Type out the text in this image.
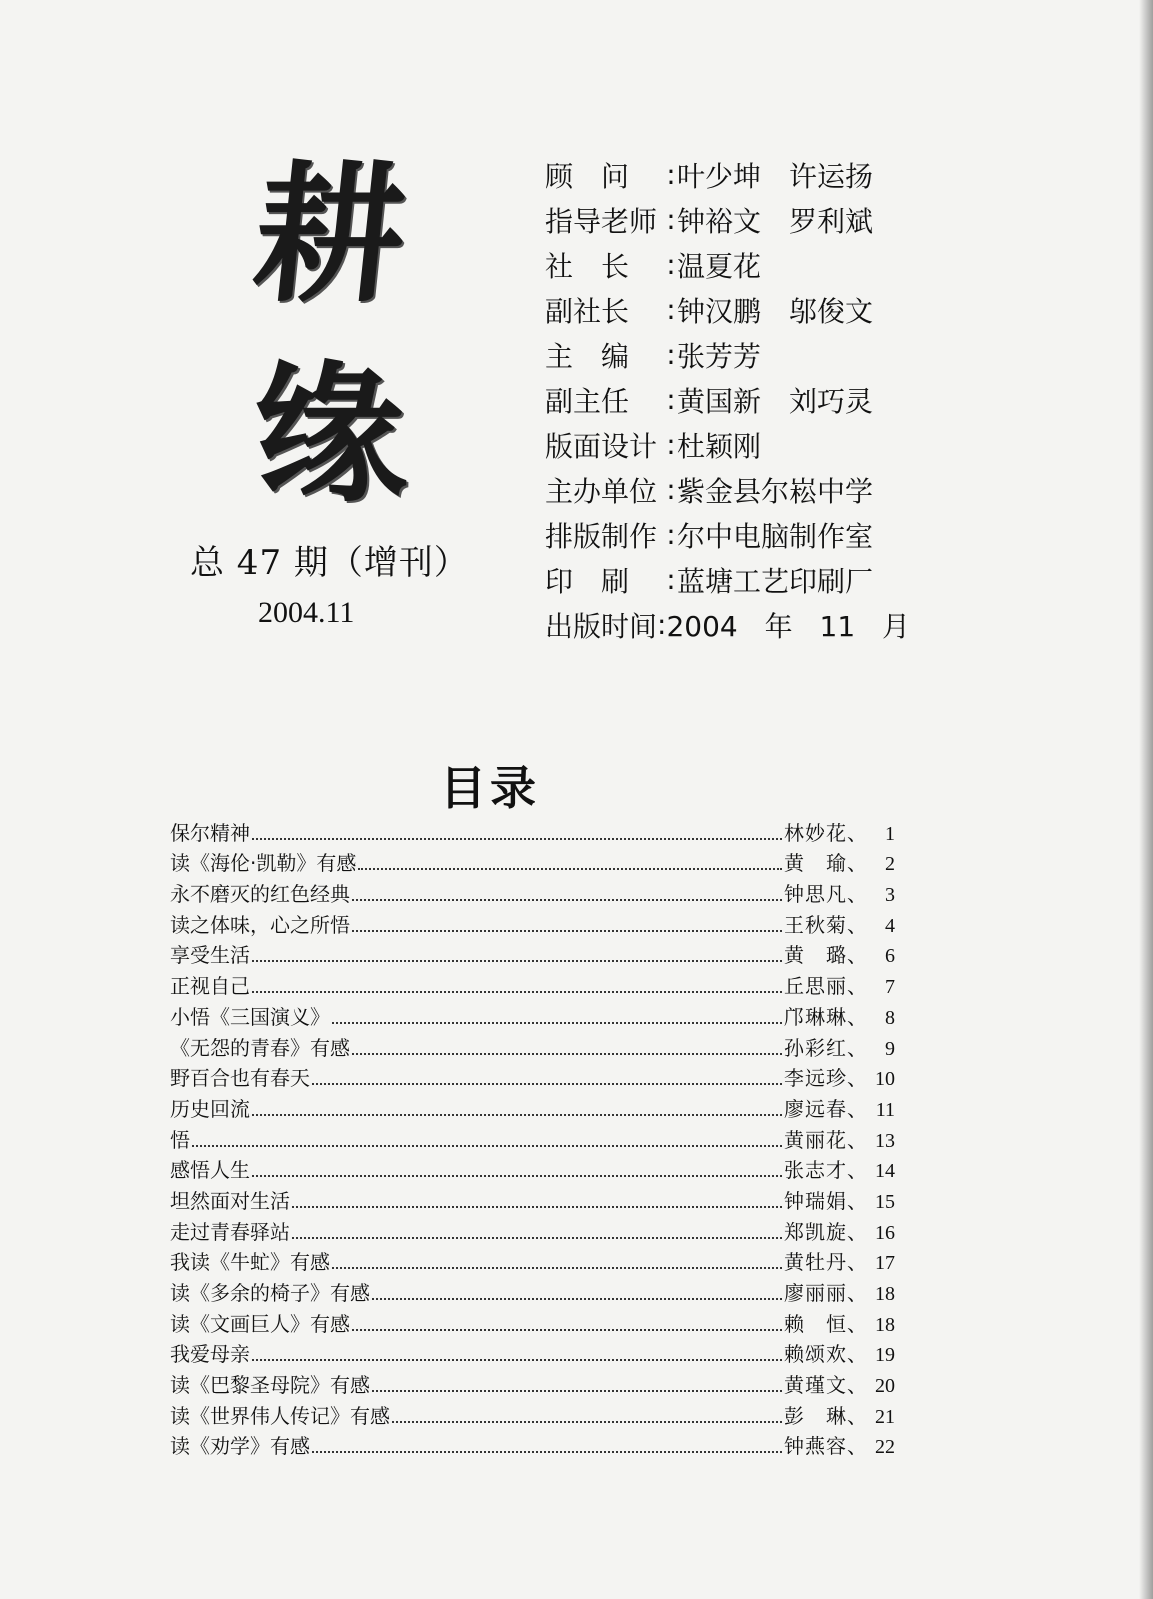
耕
缘
总 47 期（增刊）
2004.11
顾　问	: 叶少坤　许运扬
指导老师 : 钟裕文　罗利斌
社　长	: 温夏花
副社长	: 钟汉鹏　邬俊文
主　编	: 张芳芳
副主任	: 黄国新　刘巧灵
版面设计 : 杜颖刚
主办单位 : 紫金县尔崧中学
排版制作 : 尔中电脑制作室
印　刷	: 蓝塘工艺印刷厂
出版时间 : 2004 年 11 月
目录
保尔精神	林妙花 、 1
读《海伦·凯勒》有感	黄　瑜 、 2
永不磨灭的红色经典	钟思凡 、 3
读之体味，心之所悟	王秋菊 、 4
享受生活	黄　璐 、 6
正视自己	丘思丽 、 7
小悟《三国演义》	邝琳琳 、 8
《无怨的青春》有感	孙彩红 、 9
野百合也有春天	李远珍 、 10
历史回流	廖远春 、 11
悟	黄丽花 、 13
感悟人生	张志才 、 14
坦然面对生活	钟瑞娟 、 15
走过青春驿站	郑凯旋 、 16
我读《牛虻》有感	黄牡丹 、 17
读《多余的椅子》有感	廖丽丽 、 18
读《文画巨人》有感	赖　恒 、 18
我爱母亲	赖颂欢 、 19
读《巴黎圣母院》有感	黄瑾文 、 20
读《世界伟人传记》有感	彭　琳 、 21
读《劝学》有感	钟燕容 、 22
